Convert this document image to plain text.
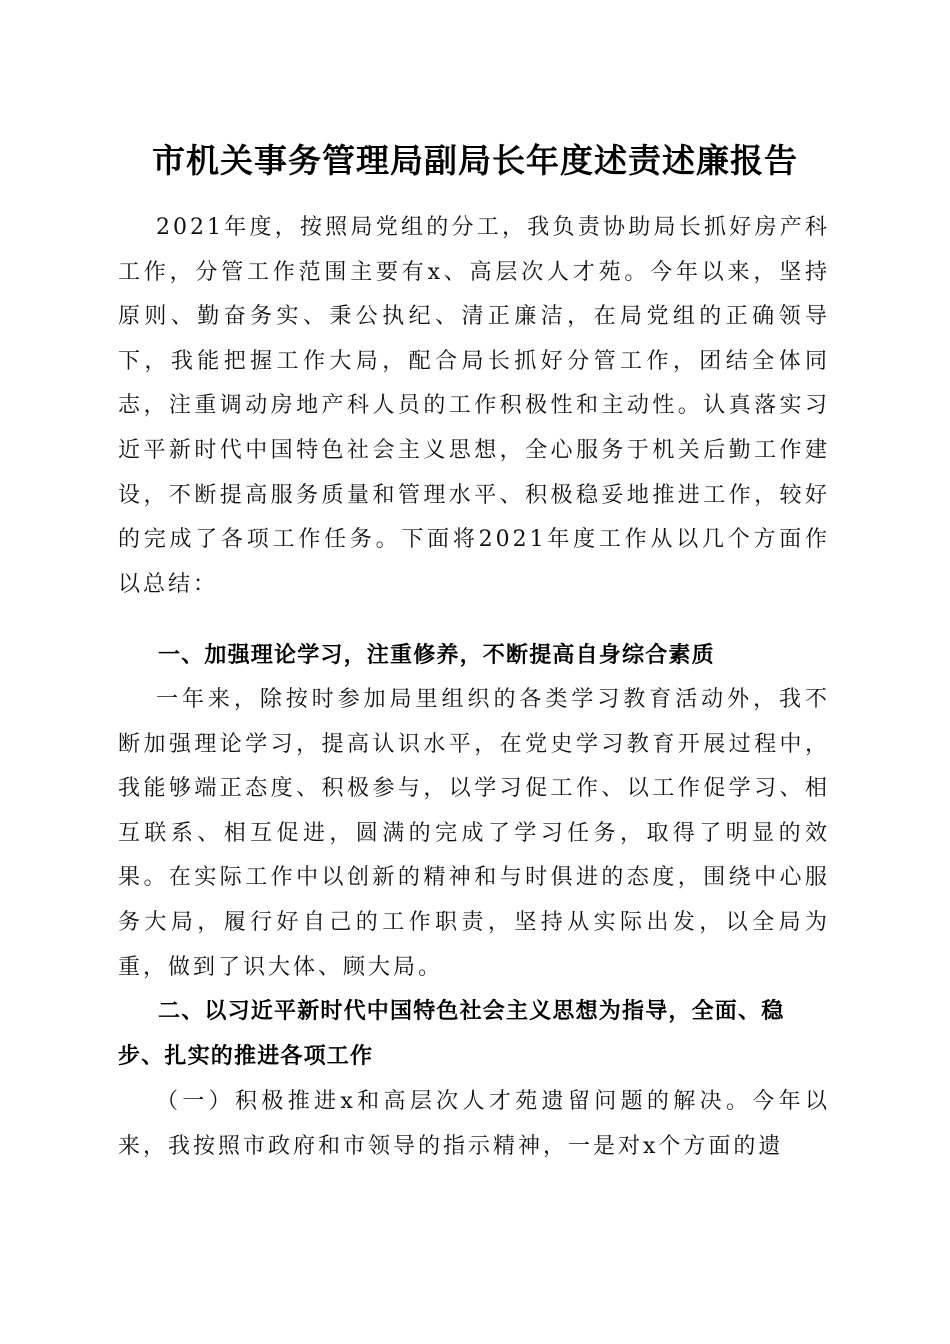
市机关事务管理局副局长年度述责述廉报告

2021年度，按照局党组的分工，我负责协助局长抓好房产科工作，分管工作范围主要有x、高层次人才苑。今年以来，坚持原则、勤奋务实、秉公执纪、清正廉洁，在局党组的正确领导下，我能把握工作大局，配合局长抓好分管工作，团结全体同志，注重调动房地产科人员的工作积极性和主动性。认真落实习近平新时代中国特色社会主义思想，全心服务于机关后勤工作建设，不断提高服务质量和管理水平、积极稳妥地推进工作，较好的完成了各项工作任务。下面将2021年度工作从以几个方面作以总结：

一、加强理论学习，注重修养，不断提高自身综合素质

一年来，除按时参加局里组织的各类学习教育活动外，我不断加强理论学习，提高认识水平，在党史学习教育开展过程中，我能够端正态度、积极参与，以学习促工作、以工作促学习、相互联系、相互促进，圆满的完成了学习任务，取得了明显的效果。在实际工作中以创新的精神和与时俱进的态度，围绕中心服务大局，履行好自己的工作职责，坚持从实际出发，以全局为重，做到了识大体、顾大局。

二、以习近平新时代中国特色社会主义思想为指导，全面、稳步、扎实的推进各项工作

（一）积极推进x和高层次人才苑遗留问题的解决。今年以来，我按照市政府和市领导的指示精神，一是对x个方面的遗
